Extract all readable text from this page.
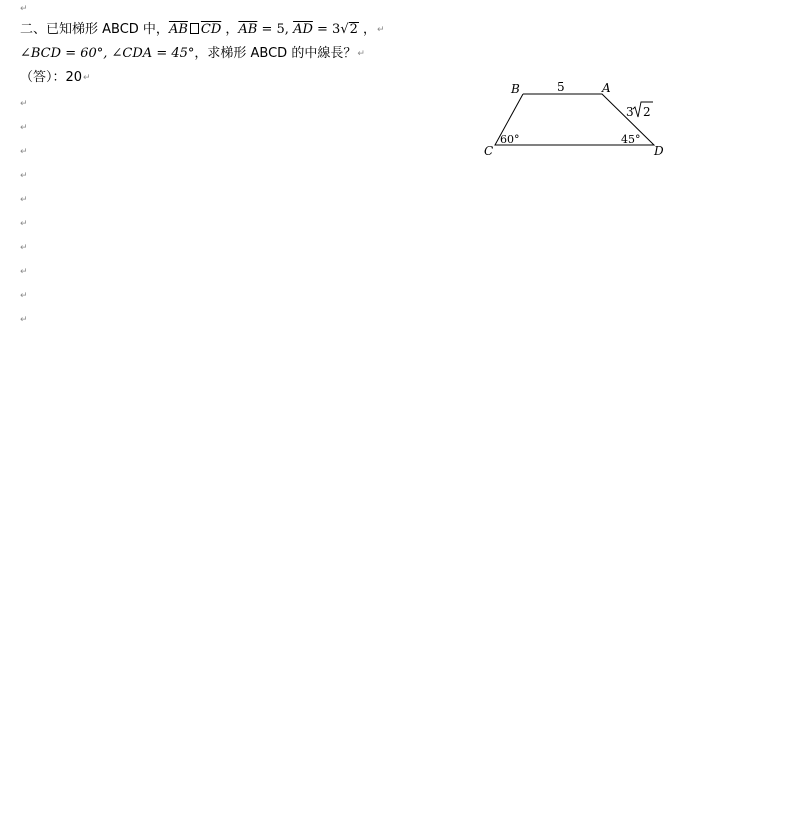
↵
二、已知梯形 ABCD 中，$\overline{AB}$ $\overline{CD}$ ，$\overline{AB} = 5$, $\overline{AD} = 3√2$ ，↵
∠BCD = 60°, ∠CDA = 45°，求梯形 ABCD 的中線長？↵
（答）：20↵
↵
↵
↵
↵
↵
↵
↵
↵
↵
↵
B	A
C	D
5
3 2
60°	45°
